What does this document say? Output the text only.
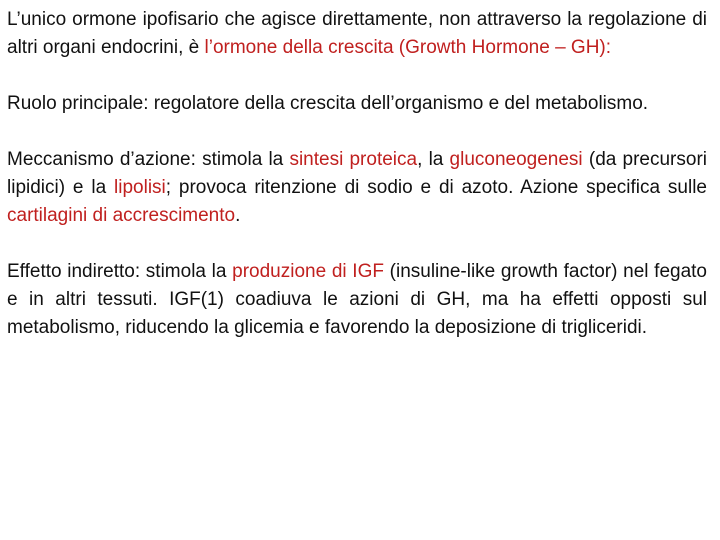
L’unico ormone ipofisario che agisce direttamente, non attraverso la regolazione di altri organi endocrini, è l’ormone della crescita (Growth Hormone – GH):

Ruolo principale: regolatore della crescita dell’organismo e del metabolismo.

Meccanismo d’azione: stimola la sintesi proteica, la gluconeogenesi (da precursori lipidici) e la lipolisi; provoca ritenzione di sodio e di azoto. Azione specifica sulle cartilagini di accrescimento.

Effetto indiretto: stimola la produzione di IGF (insuline-like growth factor) nel fegato e in altri tessuti. IGF(1) coadiuva le azioni di GH, ma ha effetti opposti sul metabolismo, riducendo la glicemia e favorendo la deposizione di trigliceridi.
